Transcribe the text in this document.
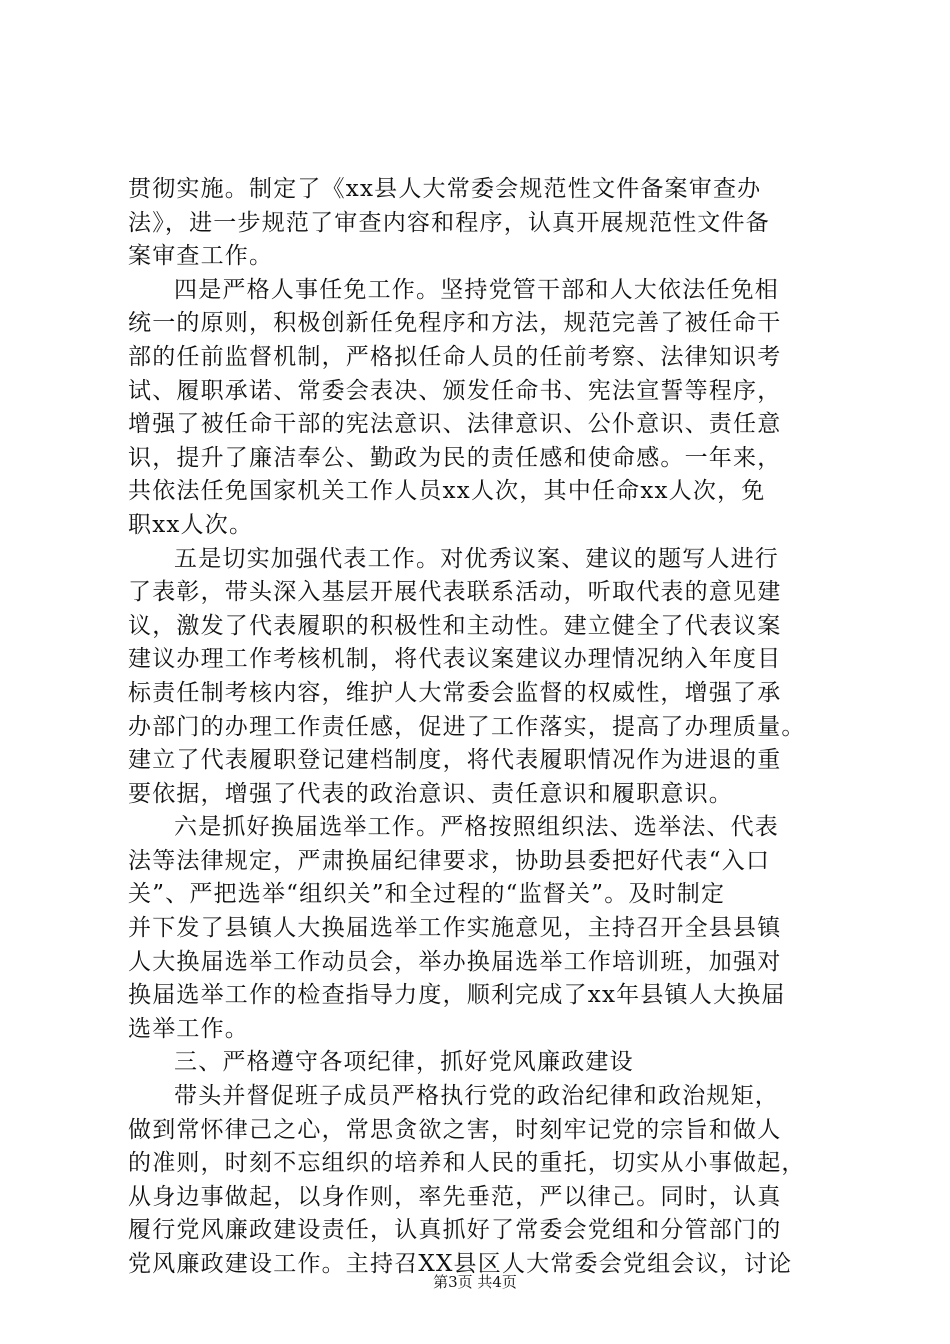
贯彻实施。制定了《xx县人大常委会规范性文件备案审查办
法》，进一步规范了审查内容和程序，认真开展规范性文件备
案审查工作。
四是严格人事任免工作。坚持党管干部和人大依法任免相
统一的原则，积极创新任免程序和方法，规范完善了被任命干
部的任前监督机制，严格拟任命人员的任前考察、法律知识考
试、履职承诺、常委会表决、颁发任命书、宪法宣誓等程序，
增强了被任命干部的宪法意识、法律意识、公仆意识、责任意
识，提升了廉洁奉公、勤政为民的责任感和使命感。一年来，
共依法任免国家机关工作人员xx人次，其中任命xx人次，免
职xx人次。
五是切实加强代表工作。对优秀议案、建议的题写人进行
了表彰，带头深入基层开展代表联系活动，听取代表的意见建
议，激发了代表履职的积极性和主动性。建立健全了代表议案
建议办理工作考核机制，将代表议案建议办理情况纳入年度目
标责任制考核内容，维护人大常委会监督的权威性，增强了承
办部门的办理工作责任感，促进了工作落实，提高了办理质量。
建立了代表履职登记建档制度，将代表履职情况作为进退的重
要依据，增强了代表的政治意识、责任意识和履职意识。
六是抓好换届选举工作。严格按照组织法、选举法、代表
法等法律规定，严肃换届纪律要求，协助县委把好代表“入口
关”、严把选举“组织关”和全过程的“监督关”。及时制定
并下发了县镇人大换届选举工作实施意见，主持召开全县县镇
人大换届选举工作动员会，举办换届选举工作培训班，加强对
换届选举工作的检查指导力度，顺利完成了xx年县镇人大换届
选举工作。
三、严格遵守各项纪律，抓好党风廉政建设
带头并督促班子成员严格执行党的政治纪律和政治规矩，
做到常怀律己之心，常思贪欲之害，时刻牢记党的宗旨和做人
的准则，时刻不忘组织的培养和人民的重托，切实从小事做起，
从身边事做起，以身作则，率先垂范，严以律己。同时，认真
履行党风廉政建设责任，认真抓好了常委会党组和分管部门的
党风廉政建设工作。主持召XX县区人大常委会党组会议，讨论
第3页 共4页
